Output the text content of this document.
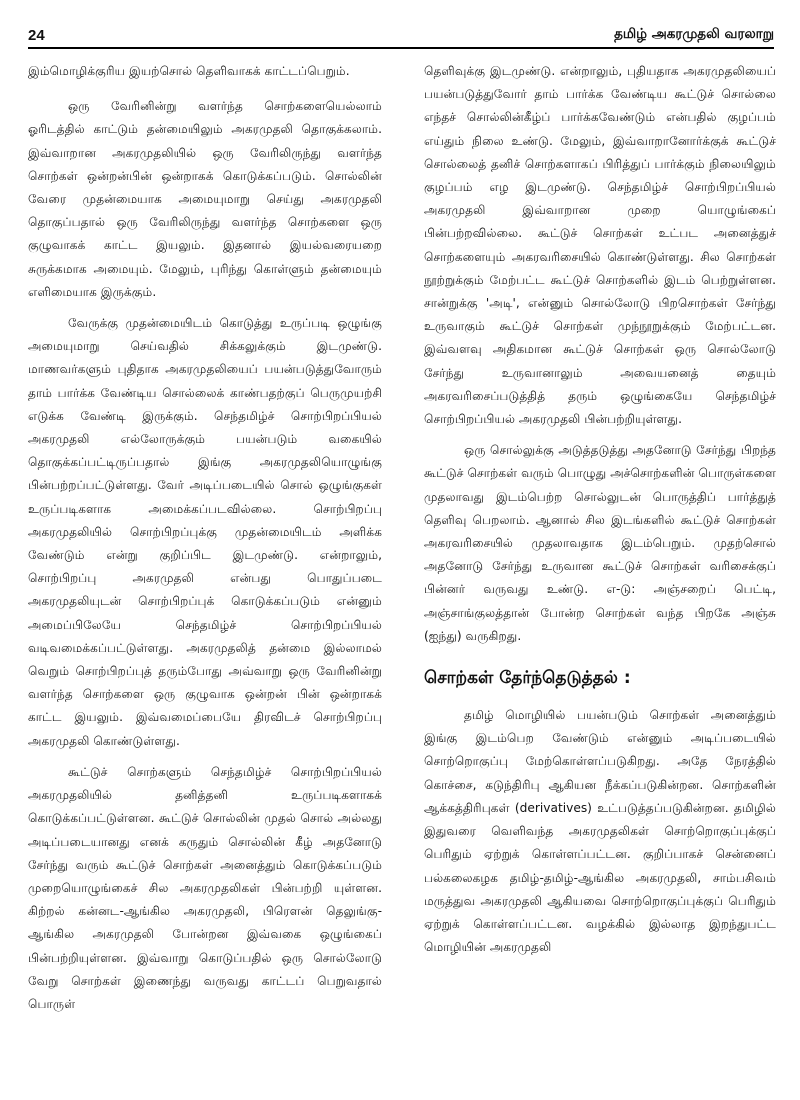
24	தமிழ் அகரமுதலி வரலாறு

இம்மொழிக்குரிய இயற்சொல் தெளிவாகக் காட்டப்பெறும்.

ஒரு வேரினின்று வளர்ந்த சொற்களையெல்லாம் ஓரிடத்தில் காட்டும் தன்மையிலும் அகரமுதலி தொகுக்கலாம். இவ்வாறான அகரமுதலியில் ஒரு வேரிலிருந்து வளர்ந்த சொற்கள் ஒன்றன்பின் ஒன்றாகக் கொடுக்கப்படும். சொல்லின் வேரை முதன்மையாக அமையுமாறு செய்து அகரமுதலி தொகுப்பதால் ஒரு வேரிலிருந்து வளர்ந்த சொற்களை ஒரு குழுவாகக் காட்ட இயலும். இதனால் இயல்வரையறை சுருக்கமாக அமையும். மேலும், புரிந்து கொள்ளும் தன்மையும் எளிமையாக இருக்கும்.

வேருக்கு முதன்மையிடம் கொடுத்து உருப்படி ஒழுங்கு அமையுமாறு செய்வதில் சிக்கலுக்கும் இடமுண்டு. மாணவர்களும் புதிதாக அகரமுதலியைப் பயன்படுத்துவோரும் தாம் பார்க்க வேண்டிய சொல்லைக் காண்பதற்குப் பெருமுயற்சி எடுக்க வேண்டி இருக்கும். செந்தமிழ்ச் சொற்பிறப்பியல் அகரமுதலி எல்லோருக்கும் பயன்படும் வகையில் தொகுக்கப்பட்டிருப்பதால் இங்கு அகரமுதலியொழுங்கு பின்பற்றப்பட்டுள்ளது. வேர் அடிப்படையில் சொல் ஒழுங்குகள் உருப்படிகளாக அமைக்கப்படவில்லை. சொற்பிறப்பு அகரமுதலியில் சொற்பிறப்புக்கு முதன்மையிடம் அளிக்க வேண்டும் என்று குறிப்பிட இடமுண்டு. என்றாலும், சொற்பிறப்பு அகரமுதலி என்பது பொதுப்படை அகரமுதலியுடன் சொற்பிறப்புக் கொடுக்கப்படும் என்னும் அமைப்பிலேயே செந்தமிழ்ச் சொற்பிறப்பியல் வடிவமைக்கப்பட்டுள்ளது. அகரமுதலித் தன்மை இல்லாமல் வெறும் சொற்பிறப்புத் தரும்போது அவ்வாறு ஒரு வேரினின்று வளர்ந்த சொற்களை ஒரு குழுவாக ஒன்றன் பின் ஒன்றாகக் காட்ட இயலும். இவ்வமைப்பையே திரவிடச் சொற்பிறப்பு அகரமுதலி கொண்டுள்ளது.

கூட்டுச் சொற்களும் செந்தமிழ்ச் சொற்பிறப்பியல் அகரமுதலியில் தனித்தனி உருப்படிகளாகக் கொடுக்கப்பட்டுள்ளன. கூட்டுச் சொல்லின் முதல் சொல் அல்லது அடிப்படையானது எனக் கருதும் சொல்லின் கீழ் அதனோடு சேர்ந்து வரும் கூட்டுச் சொற்கள் அனைத்தும் கொடுக்கப்படும் முறையொழுங்கைச் சில அகரமுதலிகள் பின்பற்றி யுள்ளன. கிற்றல் கன்னட-ஆங்கில அகரமுதலி, பிரௌன் தெலுங்கு-ஆங்கில அகரமுதலி போன்றன இவ்வகை ஒழுங்கைப் பின்பற்றியுள்ளன. இவ்வாறு கொடுப்பதில் ஒரு சொல்லோடு வேறு சொற்கள் இணைந்து வருவது காட்டப் பெறுவதால் பொருள்

தெளிவுக்கு இடமுண்டு. என்றாலும், புதியதாக அகரமுதலியைப் பயன்படுத்துவோர் தாம் பார்க்க வேண்டிய கூட்டுச் சொல்லை எந்தச் சொல்லின்கீழ்ப் பார்க்கவேண்டும் என்பதில் குழப்பம் எய்தும் நிலை உண்டு. மேலும், இவ்வாறானோர்க்குக் கூட்டுச் சொல்லைத் தனிச் சொற்களாகப் பிரித்துப் பார்க்கும் நிலையிலும் குழப்பம் எழ இடமுண்டு. செந்தமிழ்ச் சொற்பிறப்பியல் அகரமுதலி இவ்வாறான முறை யொழுங்கைப் பின்பற்றவில்லை. கூட்டுச் சொற்கள் உட்பட அனைத்துச் சொற்களையும் அகரவரிசையில் கொண்டுள்ளது. சில சொற்கள் நூற்றுக்கும் மேற்பட்ட கூட்டுச் சொற்களில் இடம் பெற்றுள்ளன. சான்றுக்கு 'அடி', என்னும் சொல்லோடு பிறசொற்கள் சேர்ந்து உருவாகும் கூட்டுச் சொற்கள் முந்நூறுக்கும் மேற்பட்டன. இவ்வளவு அதிகமான கூட்டுச் சொற்கள் ஒரு சொல்லோடு சேர்ந்து உருவானாலும் அவையனைத் தையும் அகரவரிசைப்படுத்தித் தரும் ஒழுங்கையே செந்தமிழ்ச் சொற்பிறப்பியல் அகரமுதலி பின்பற்றியுள்ளது.

ஒரு சொல்லுக்கு அடுத்தடுத்து அதனோடு சேர்ந்து பிறந்த கூட்டுச் சொற்கள் வரும் பொழுது அச்சொற்களின் பொருள்களை முதலாவது இடம்பெற்ற சொல்லுடன் பொருத்திப் பார்த்துத் தெளிவு பெறலாம். ஆனால் சில இடங்களில் கூட்டுச் சொற்கள் அகரவரிசையில் முதலாவதாக இடம்பெறும். முதற்சொல் அதனோடு சேர்ந்து உருவான கூட்டுச் சொற்கள் வரிசைக்குப் பின்னர் வருவது உண்டு. எ-டு: அஞ்சறைப் பெட்டி, அஞ்சாங்குலத்தான் போன்ற சொற்கள் வந்த பிறகே அஞ்சு (ஐந்து) வருகிறது.

சொற்கள் தேர்ந்தெடுத்தல் :

தமிழ் மொழியில் பயன்படும் சொற்கள் அனைத்தும் இங்கு இடம்பெற வேண்டும் என்னும் அடிப்படையில் சொற்றொகுப்பு மேற்கொள்ளப்படுகிறது. அதே நேரத்தில் கொச்சை, கடுந்திரிபு ஆகியன நீக்கப்படுகின்றன. சொற்களின் ஆக்கத்திரிபுகள் (derivatives) உட்படுத்தப்படுகின்றன. தமிழில் இதுவரை வெளிவந்த அகரமுதலிகள் சொற்றொகுப்புக்குப் பெரிதும் ஏற்றுக் கொள்ளப்பட்டன. குறிப்பாகச் சென்னைப் பல்கலைகழக தமிழ்-தமிழ்-ஆங்கில அகரமுதலி, சாம்பசிவம் மருத்துவ அகரமுதலி ஆகியவை சொற்றொகுப்புக்குப் பெரிதும் ஏற்றுக் கொள்ளப்பட்டன. வழக்கில் இல்லாத இறந்துபட்ட மொழியின் அகரமுதலி
